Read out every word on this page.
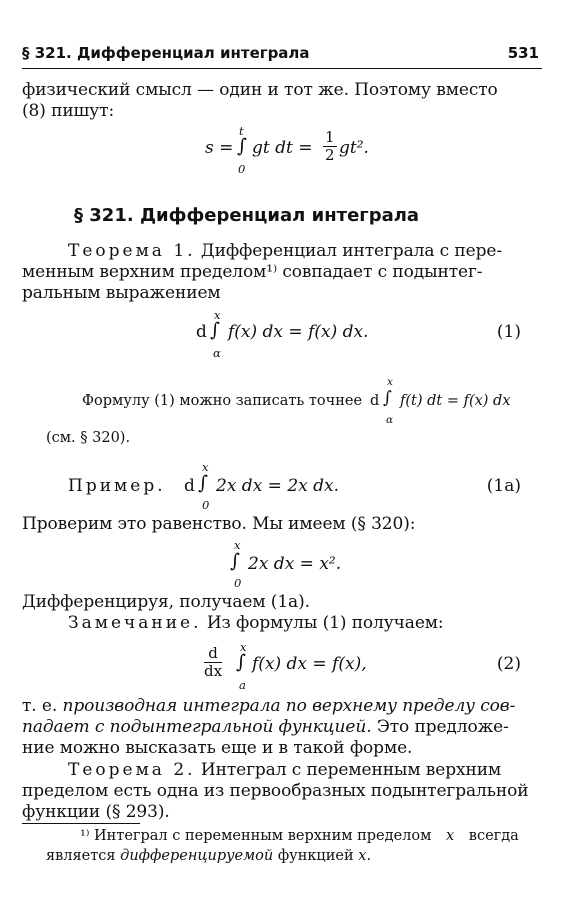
§ 321. Дифференциал интеграла	531
физический смысл — один и тот же. Поэтому вместо
(8) пишут:
s =
t
∫
0
gt dt = $\frac{1}{2} gt^2$.
§ 321. Дифференциал интеграла
Теорема 1. Дифференциал интеграла с пере-
менным верхним пределом¹⁾ совпадает с подынтег-
ральным выражением
d
x
∫
α
f(x) dx = f(x) dx.	(1)
Формулу (1) можно записать точнее d
x
∫
α
f(t) dt = f(x) dx
(см. § 320).
Пример. d
x
∫
0
2x dx = 2x dx.	(1a)
Проверим это равенство. Мы имеем (§ 320):
x
∫
0
2x dx = x².
Дифференцируя, получаем (1a).
Замечание. Из формулы (1) получаем:
$\frac{d}{dx}$ x
∫
a
f(x) dx = f(x),	(2)
т. е. производная интеграла по верхнему пределу сов-
падает с подынтегральной функцией. Это предложе-
ние можно высказать еще и в такой форме.
Теорема 2. Интеграл с переменным верхним
пределом есть одна из первообразных подынтегральной
функции (§ 293).
¹⁾ Интеграл с переменным верхним пределом x всегда
является дифференцируемой функцией x.
